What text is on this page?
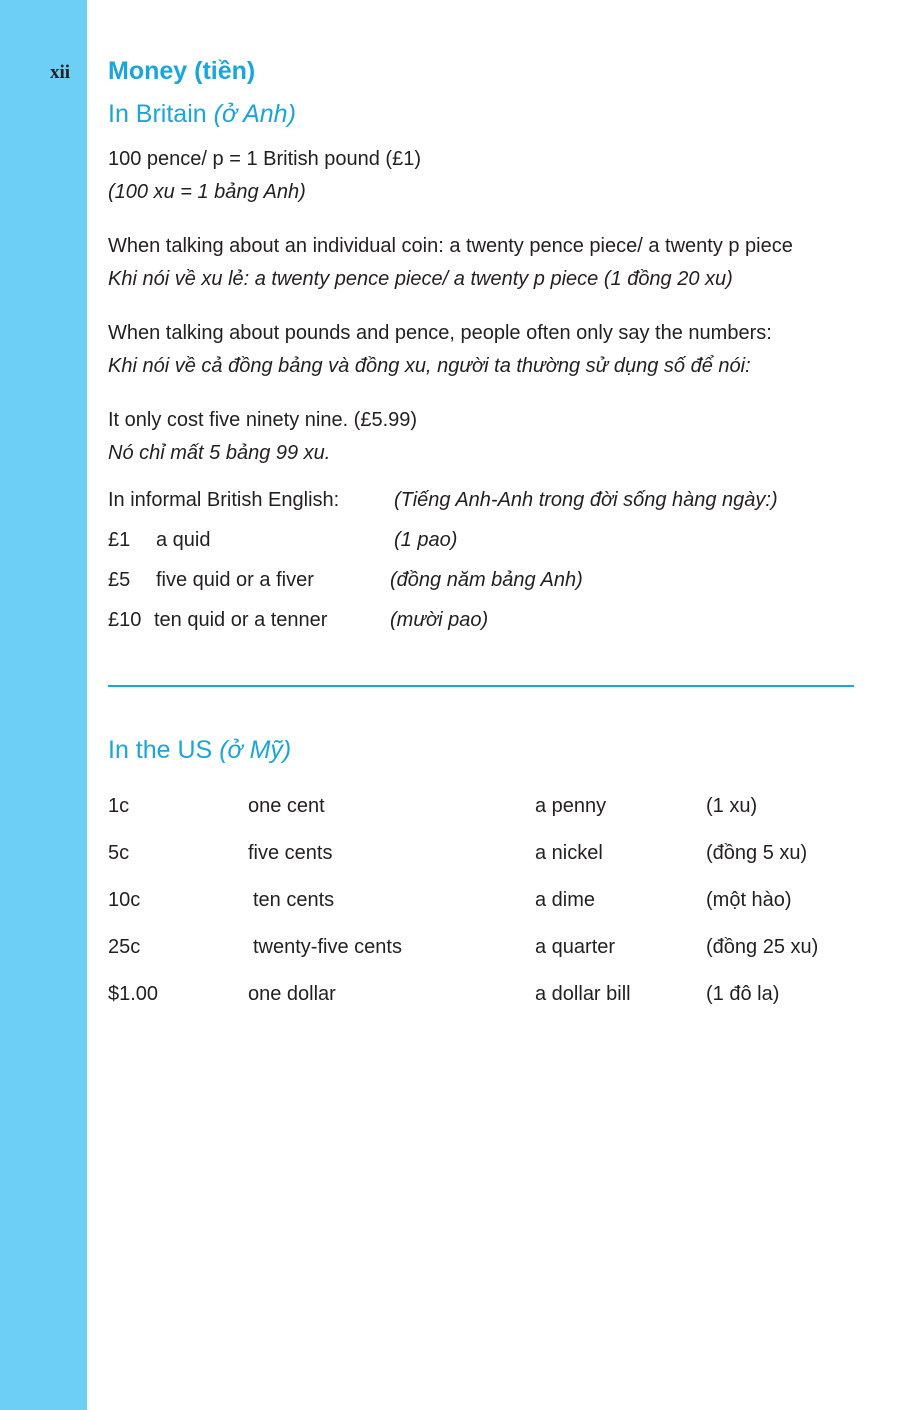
xii Money (tiền)
In Britain (ở Anh)

100 pence/ p = 1 British pound (£1)

(100 xu = 1 bảng Anh)

When talking about an individual coin: a twenty pence piece/ a twenty p piece

Khi nói về xu lẻ: a twenty pence piece/ a twenty p piece (1 đồng 20 xu)

When talking about pounds and pence, people often only say the numbers:

Khi nói về cả đồng bảng và đồng xu, người ta thường sử dụng số để nói:

It only cost five ninety nine. (£5.99)

Nó chỉ mất 5 bảng 99 xu.

In informal British English:	(Tiếng Anh-Anh trong đời sống hàng ngày:)
£1 a quid	(1 pao)
£5 five quid or a fiver	(đồng năm bảng Anh)
£10 ten quid or a tenner	(mười pao)
In the US (ở Mỹ)
1c	one cent	a penny	(1 xu)
5c	five cents	a nickel	(đồng 5 xu)
10c	ten cents	a dime	(một hào)
25c	twenty-five cents	a quarter	(đồng 25 xu)
$1.00	one dollar	a dollar bill	(1 đô la)
